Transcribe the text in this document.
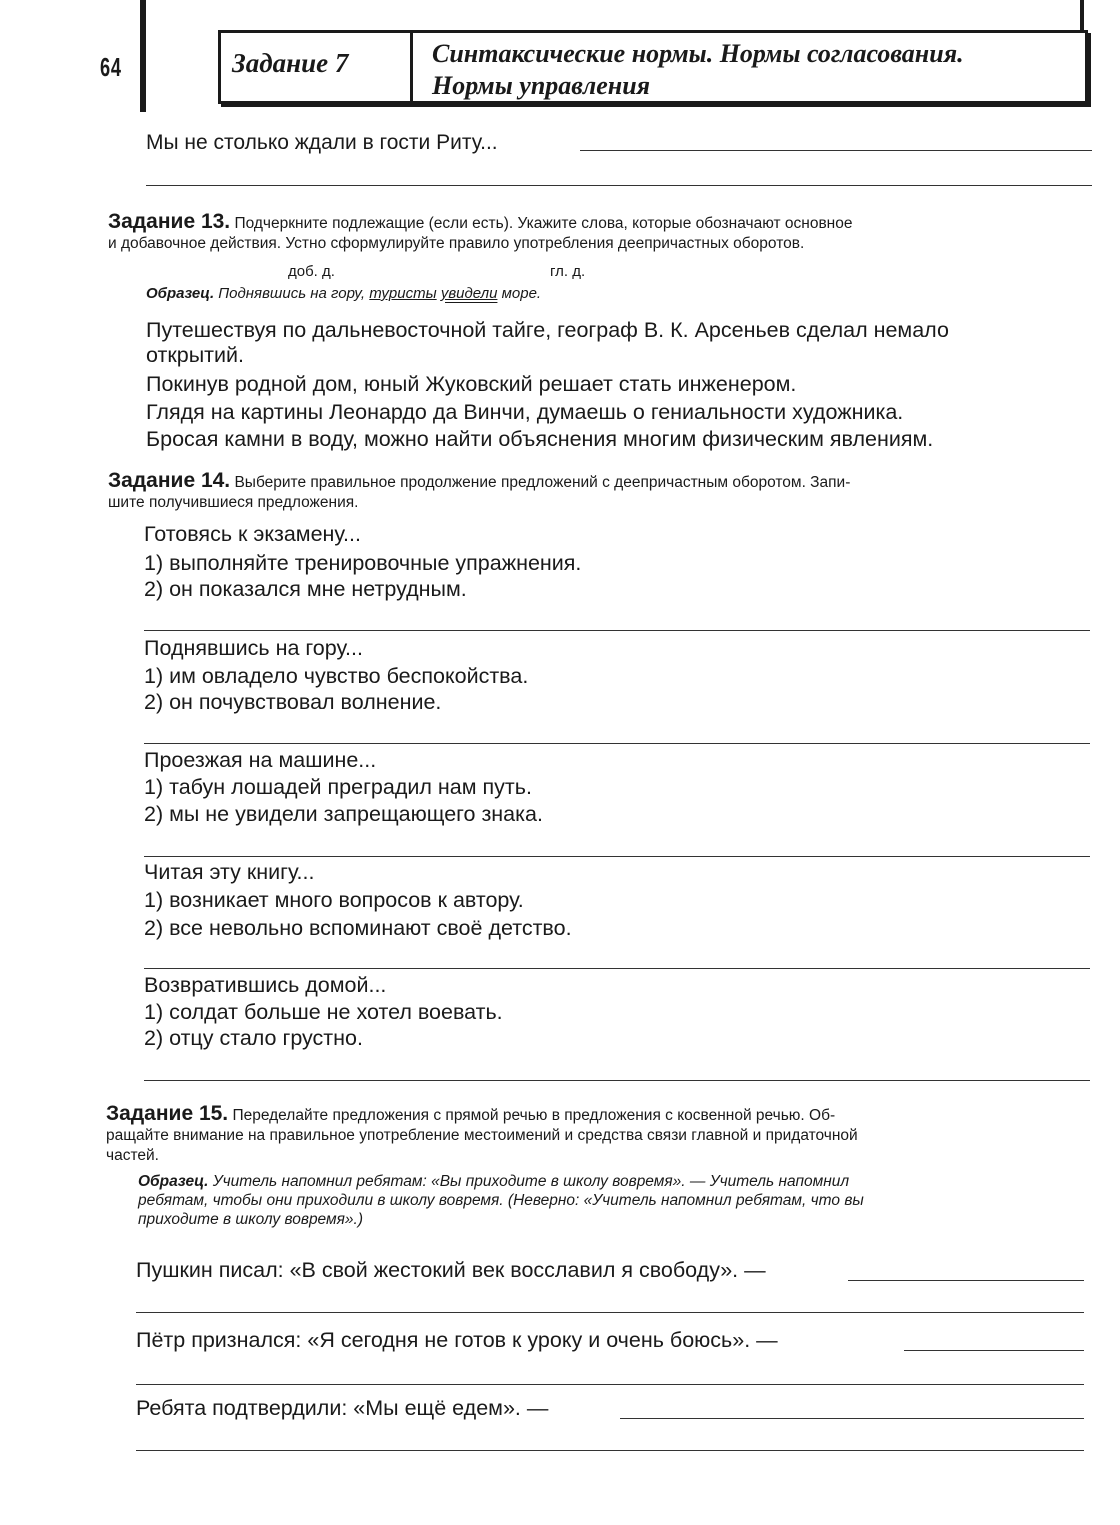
64	Задание 7	Синтаксические нормы. Нормы согласования.
Нормы управления
Мы не столько ждали в гости Риту...
Задание 13. Подчеркните подлежащие (если есть). Укажите слова, которые обозначают основное
и добавочное действия. Устно сформулируйте правило употребления деепричастных оборотов.
доб. д.	гл. д.
Образец. Поднявшись на гору, туристы увидели море.
Путешествуя по дальневосточной тайге, географ В. К. Арсеньев сделал немало
открытий.
Покинув родной дом, юный Жуковский решает стать инженером.
Глядя на картины Леонардо да Винчи, думаешь о гениальности художника.
Бросая камни в воду, можно найти объяснения многим физическим явлениям.
Задание 14. Выберите правильное продолжение предложений с деепричастным оборотом. Запи-
шите получившиеся предложения.
Готовясь к экзамену...
1) выполняйте тренировочные упражнения.
2) он показался мне нетрудным.
Поднявшись на гору...
1) им овладело чувство беспокойства.
2) он почувствовал волнение.
Проезжая на машине...
1) табун лошадей преградил нам путь.
2) мы не увидели запрещающего знака.
Читая эту книгу...
1) возникает много вопросов к автору.
2) все невольно вспоминают своё детство.
Возвратившись домой...
1) солдат больше не хотел воевать.
2) отцу стало грустно.
Задание 15. Переделайте предложения с прямой речью в предложения с косвенной речью. Об-
ращайте внимание на правильное употребление местоимений и средства связи главной и придаточной
частей.
Образец. Учитель напомнил ребятам: «Вы приходите в школу вовремя». — Учитель напомнил
ребятам, чтобы они приходили в школу вовремя. (Неверно: «Учитель напомнил ребятам, что вы
приходите в школу вовремя».)
Пушкин писал: «В свой жестокий век восславил я свободу». —
Пётр признался: «Я сегодня не готов к уроку и очень боюсь». —
Ребята подтвердили: «Мы ещё едем». —
